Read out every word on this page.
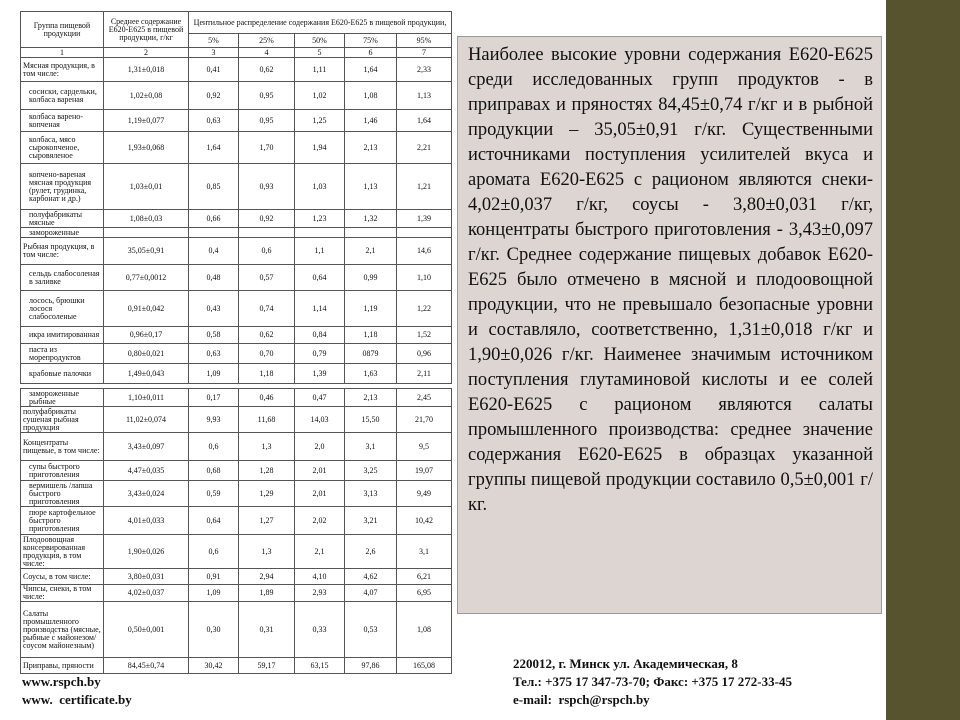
Группа пищевой продукции	Среднее содержание Е620-Е625 в пищевой продукции, г/кг	Центильное распределение содержания Е620-Е625 в пищевой продукции,				
		5%	25%	50%	75%	95%
1	2	3	4	5	6	7
Мясная продукция, в том числе:	1,31±0,018	0,41	0,62	1,11	1,64	2,33
сосиски, сардельки, колбаса вареная	1,02±0,08	0,92	0,95	1,02	1,08	1,13
колбаса варено-копченая	1,19±0,077	0,63	0,95	1,25	1,46	1,64
колбаса, мясо сырокопченое, сыровяленое	1,93±0,068	1,64	1,70	1,94	2,13	2,21
копчено-вареная мясная продукция (рулет, грудинка, карбонат и др.)	1,03±0,01	0,85	0,93	1,03	1,13	1,21
полуфабрикаты мясные	1,08±0,03	0,66	0,92	1,23	1,32	1,39
замороженные						
Рыбная продукция, в том числе:	35,05±0,91	0,4	0,6	1,1	2,1	14,6
сельдь слабосоленая в заливке	0,77±0,0012	0,48	0,57	0,64	0,99	1,10
лосось, брюшки лосося слабосоленые	0,91±0,042	0,43	0,74	1,14	1,19	1,22
икра имитированная	0,96±0,17	0,58	0,62	0,84	1,18	1,52
паста из морепродуктов	0,80±0,021	0,63	0,70	0,79	0879	0,96
крабовые палочки	1,49±0,043	1,09	1,18	1,39	1,63	2,11

замороженные рыбные	1,10±0,011	0,17	0,46	0,47	2,13	2,45
полуфабрикаты сушеная рыбная продукция	11,02±0,074	9,93	11,68	14,03	15,50	21,70
Концентраты пищевые, в том числе:	3,43±0,097	0,6	1,3	2,0	3,1	9,5
супы быстрого приготовления	4,47±0,035	0,68	1,28	2,01	3,25	19,07
вермишель /лапша быстрого приготовления	3,43±0,024	0,59	1,29	2,01	3,13	9,49
пюре картофельное быстрого приготовления	4,01±0,033	0,64	1,27	2,02	3,21	10,42
Плодоовощная консервированная продукция, в том числе:	1,90±0,026	0,6	1,3	2,1	2,6	3,1
Соусы, в том числе:	3,80±0,031	0,91	2,94	4,10	4,62	6,21
Чипсы, снеки, в том числе:	4,02±0,037	1,09	1,89	2,93	4,07	6,95
Салаты промышленного производства (мясные, рыбные с майонезом/соусом майонезным)	0,50±0,001	0,30	0,31	0,33	0,53	1,08
Приправы, пряности	84,45±0,74	30,42	59,17	63,15	97,86	165,08

Наиболее высокие уровни содержания Е620-Е625 среди исследованных групп продуктов - в приправах и пряностях 84,45±0,74 г/кг и в рыбной продукции – 35,05±0,91 г/кг. Существенными источниками поступления усилителей вкуса и аромата Е620-Е625 с рационом являются снеки- 4,02±0,037 г/кг, соусы - 3,80±0,031 г/кг, концентраты быстрого приготовления - 3,43±0,097 г/кг. Среднее содержание пищевых добавок Е620-Е625 было отмечено в мясной и плодоовощной продукции, что не превышало безопасные уровни и составляло, соответственно, 1,31±0,018 г/кг и 1,90±0,026 г/кг. Наименее значимым источником поступления глутаминовой кислоты и ее солей Е620-Е625 с рационом являются салаты промышленного производства: среднее значение содержания Е620-Е625 в образцах указанной группы пищевой продукции составило 0,5±0,001 г/кг.

www.rspch.by
www.  certificate.by
220012, г. Минск ул. Академическая, 8
Тел.: +375 17 347-73-70; Факс: +375 17 272-33-45
e-mail:  rspch@rspch.by
